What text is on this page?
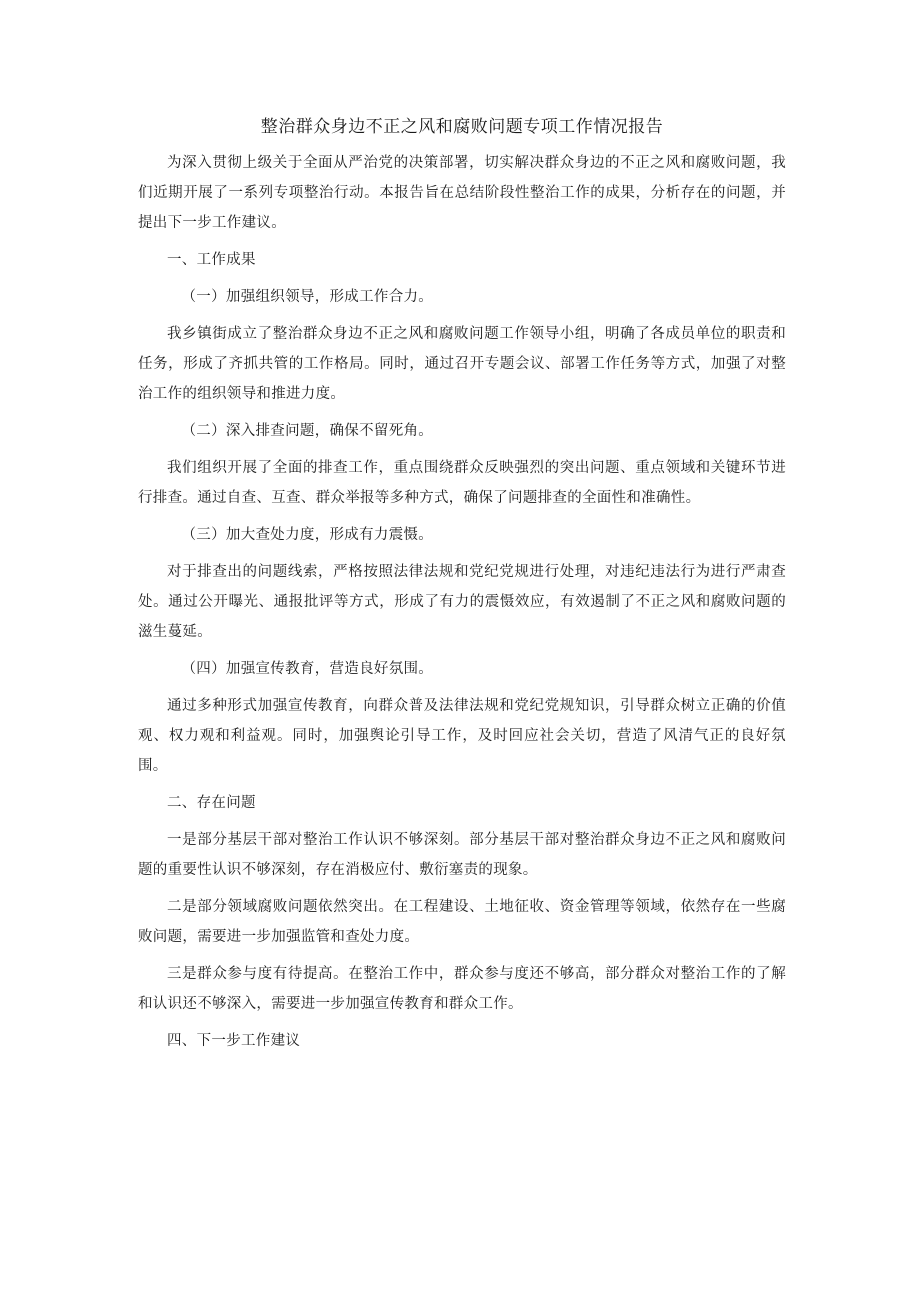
整治群众身边不正之风和腐败问题专项工作情况报告

为深入贯彻上级关于全面从严治党的决策部署，切实解决群众身边的不正之风和腐败问题，我们近期开展了一系列专项整治行动。本报告旨在总结阶段性整治工作的成果，分析存在的问题，并提出下一步工作建议。

一、工作成果

（一）加强组织领导，形成工作合力。

我乡镇街成立了整治群众身边不正之风和腐败问题工作领导小组，明确了各成员单位的职责和任务，形成了齐抓共管的工作格局。同时，通过召开专题会议、部署工作任务等方式，加强了对整治工作的组织领导和推进力度。

（二）深入排查问题，确保不留死角。

我们组织开展了全面的排查工作，重点围绕群众反映强烈的突出问题、重点领域和关键环节进行排查。通过自查、互查、群众举报等多种方式，确保了问题排查的全面性和准确性。

（三）加大查处力度，形成有力震慑。

对于排查出的问题线索，严格按照法律法规和党纪党规进行处理，对违纪违法行为进行严肃查处。通过公开曝光、通报批评等方式，形成了有力的震慑效应，有效遏制了不正之风和腐败问题的滋生蔓延。

（四）加强宣传教育，营造良好氛围。

通过多种形式加强宣传教育，向群众普及法律法规和党纪党规知识，引导群众树立正确的价值观、权力观和利益观。同时，加强舆论引导工作，及时回应社会关切，营造了风清气正的良好氛围。

二、存在问题

一是部分基层干部对整治工作认识不够深刻。部分基层干部对整治群众身边不正之风和腐败问题的重要性认识不够深刻，存在消极应付、敷衍塞责的现象。

二是部分领域腐败问题依然突出。在工程建设、土地征收、资金管理等领域，依然存在一些腐败问题，需要进一步加强监管和查处力度。

三是群众参与度有待提高。在整治工作中，群众参与度还不够高，部分群众对整治工作的了解和认识还不够深入，需要进一步加强宣传教育和群众工作。

四、下一步工作建议
